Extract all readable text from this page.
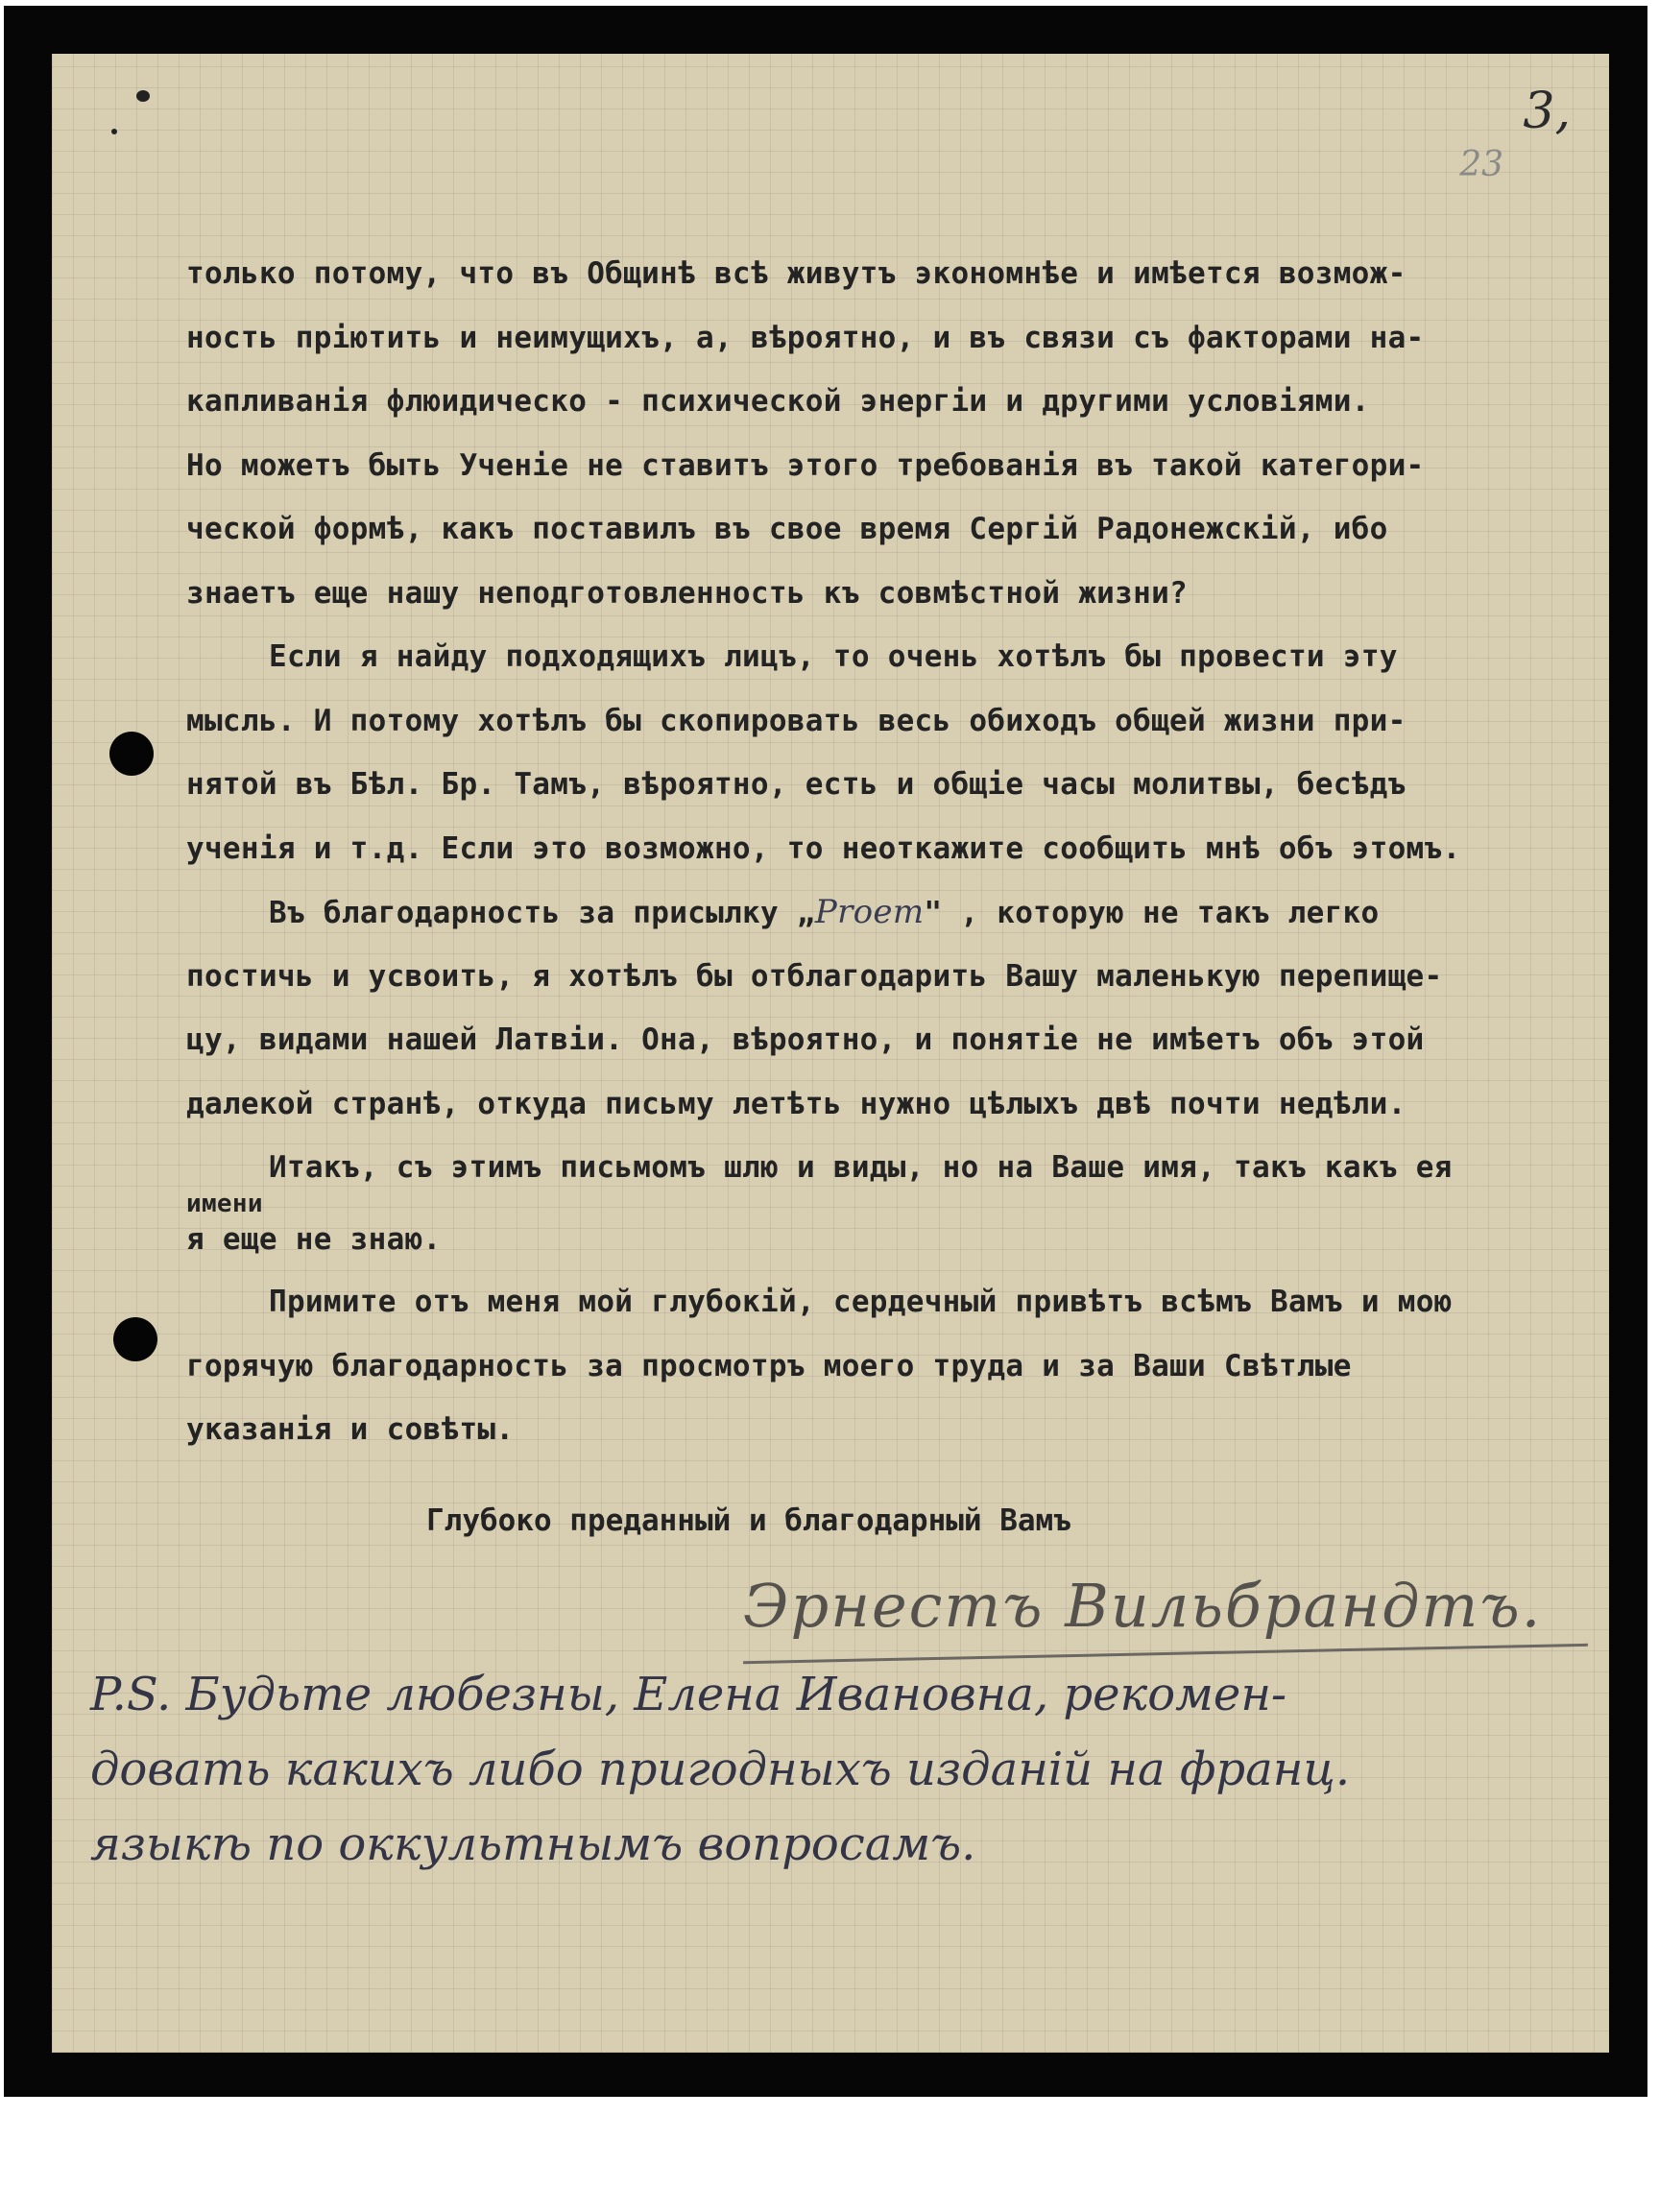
3,
23
только потому, что въ Общинѣ всѣ живутъ экономнѣе и имѣется возмож-
ность пріютить и неимущихъ, а, вѣроятно, и въ связи съ факторами на-
капливанія флюидическо - психической энергіи и другими условіями.
Но можетъ быть Ученіе не ставитъ этого требованія въ такой категори-
ческой формѣ, какъ поставилъ въ свое время Сергій Радонежскій, ибо
знаетъ еще нашу неподготовленность къ совмѣстной жизни?
Если я найду подходящихъ лицъ, то очень хотѣлъ бы провести эту
мысль. И потому хотѣлъ бы скопировать весь обиходъ общей жизни при-
нятой въ Бѣл. Бр. Тамъ, вѣроятно, есть и общіе часы молитвы, бесѣдъ
ученія и т.д. Если это возможно, то неоткажите сообщить мнѣ объ этомъ.
Въ благодарность за присылку „Proem" , которую не такъ легко
постичь и усвоить, я хотѣлъ бы отблагодарить Вашу маленькую перепище-
цу, видами нашей Латвіи. Она, вѣроятно, и понятіе не имѣетъ объ этой
далекой странѣ, откуда письму летѣть нужно цѣлыхъ двѣ почти недѣли.
Итакъ, съ этимъ письмомъ шлю и виды, но на Ваше имя, такъ какъ ея
имени
я еще не знаю.
Примите отъ меня мой глубокій, сердечный привѣтъ всѣмъ Вамъ и мою
горячую благодарность за просмотръ моего труда и за Ваши Свѣтлые
указанія и совѣты.
Глубоко преданный и благодарный Вамъ
Эрнестъ Вильбрандтъ.
P.S. Будьте любезны, Елена Ивановна, рекомен-
довать какихъ либо пригодныхъ изданій на франц.
языкѣ по оккультнымъ вопросамъ.
